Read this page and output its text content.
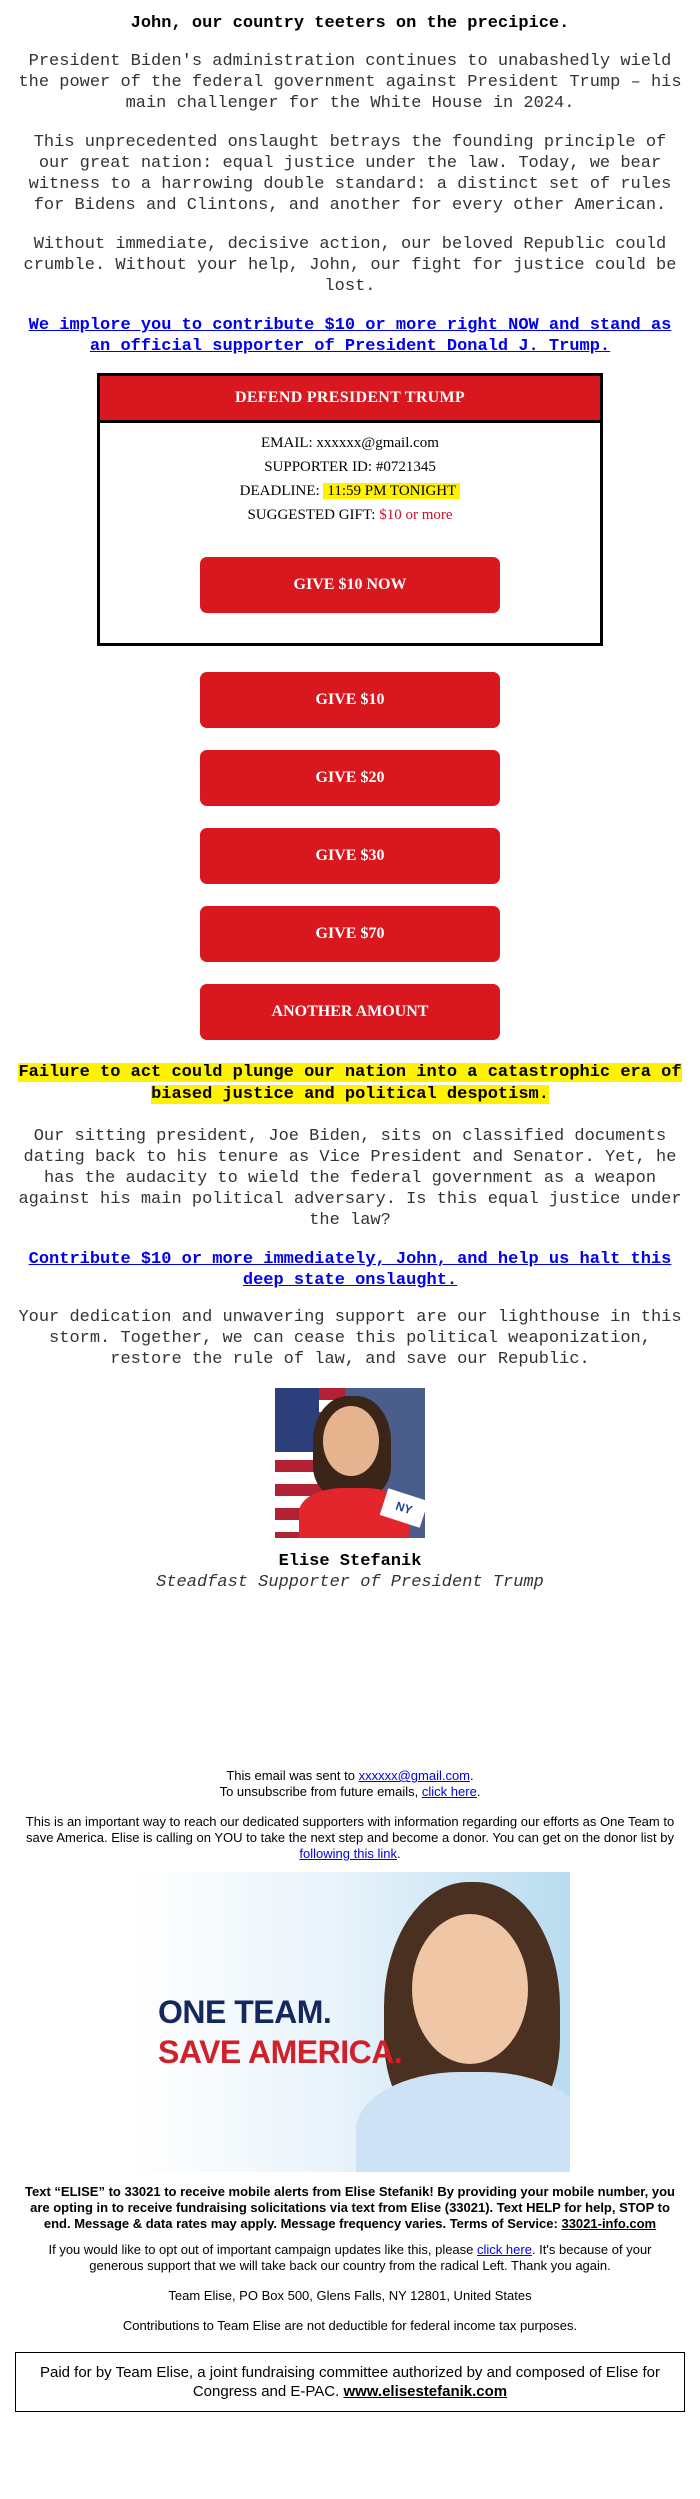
John, our country teeters on the precipice.

President Biden's administration continues to unabashedly wield the power of the federal government against President Trump – his main challenger for the White House in 2024.

This unprecedented onslaught betrays the founding principle of our great nation: equal justice under the law. Today, we bear witness to a harrowing double standard: a distinct set of rules for Bidens and Clintons, and another for every other American.

Without immediate, decisive action, our beloved Republic could crumble. Without your help, John, our fight for justice could be lost.

We implore you to contribute $10 or more right NOW and stand as an official supporter of President Donald J. Trump.
DEFEND PRESIDENT TRUMP
EMAIL: xxxxxx@gmail.com
SUPPORTER ID: #0721345
DEADLINE: 11:59 PM TONIGHT
SUGGESTED GIFT: $10 or more
GIVE $10 NOW
GIVE $10
GIVE $20
GIVE $30
GIVE $70
ANOTHER AMOUNT
Failure to act could plunge our nation into a catastrophic era of biased justice and political despotism.

Our sitting president, Joe Biden, sits on classified documents dating back to his tenure as Vice President and Senator. Yet, he has the audacity to wield the federal government as a weapon against his main political adversary. Is this equal justice under the law?

Contribute $10 or more immediately, John, and help us halt this deep state onslaught.

Your dedication and unwavering support are our lighthouse in this storm. Together, we can cease this political weaponization, restore the rule of law, and save our Republic.

NY
Elise Stefanik
Steadfast Supporter of President Trump
This email was sent to xxxxxx@gmail.com.
To unsubscribe from future emails, click here.
This is an important way to reach our dedicated supporters with information regarding our efforts as One Team to save America. Elise is calling on YOU to take the next step and become a donor. You can get on the donor list by following this link.
ONE TEAM.
SAVE AMERICA.
Text “ELISE” to 33021 to receive mobile alerts from Elise Stefanik! By providing your mobile number, you are opting in to receive fundraising solicitations via text from Elise (33021). Text HELP for help, STOP to end. Message & data rates may apply. Message frequency varies. Terms of Service: 33021-info.com
If you would like to opt out of important campaign updates like this, please click here. It's because of your generous support that we will take back our country from the radical Left. Thank you again.
Team Elise, PO Box 500, Glens Falls, NY 12801, United States
Contributions to Team Elise are not deductible for federal income tax purposes.
Paid for by Team Elise, a joint fundraising committee authorized by and composed of Elise for Congress and E-PAC. www.elisestefanik.com
